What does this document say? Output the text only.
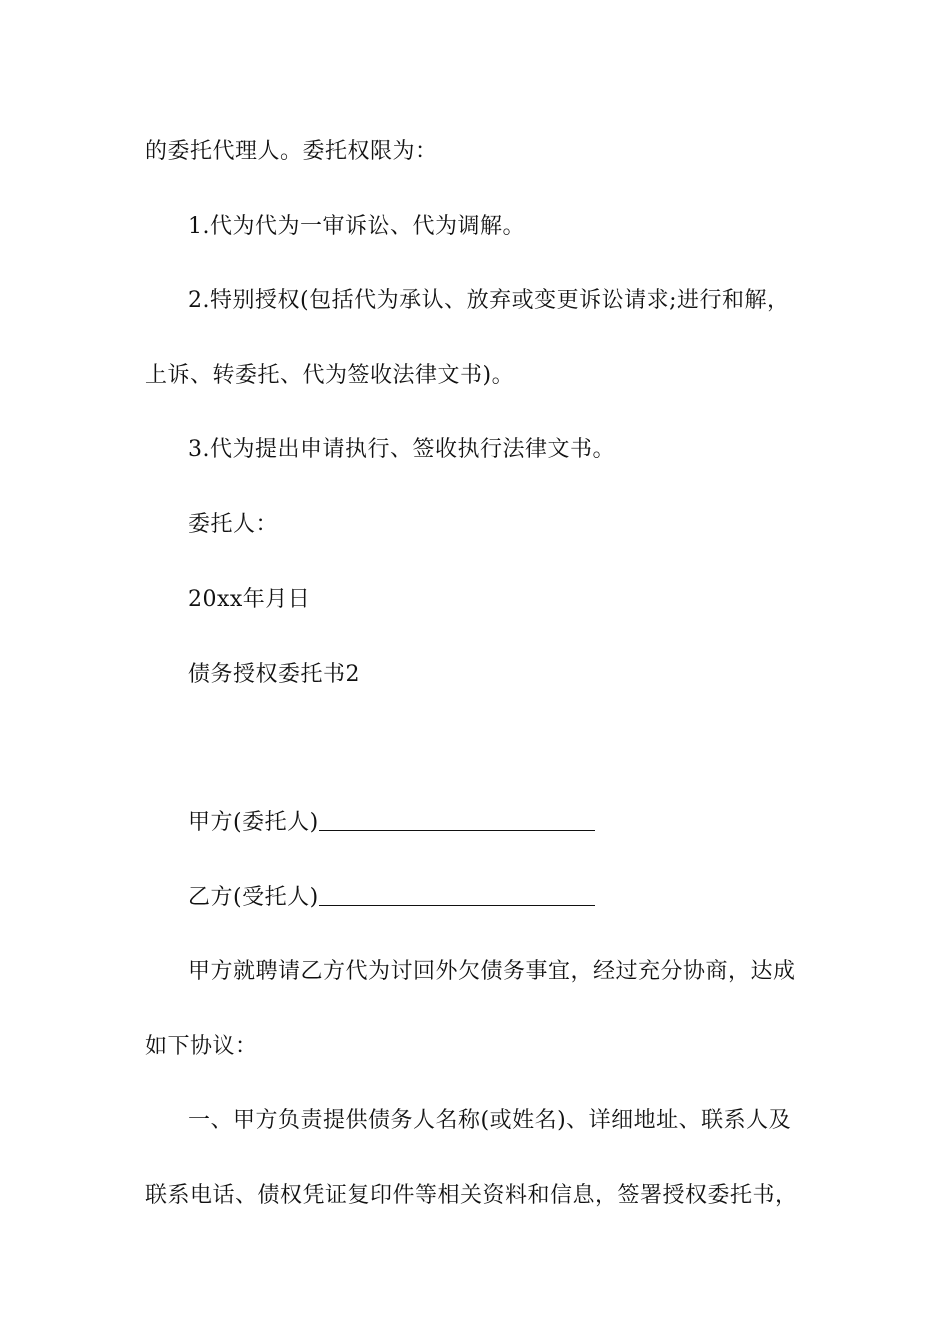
的委托代理人。委托权限为：
1.代为代为一审诉讼、代为调解。
2.特别授权(包括代为承认、放弃或变更诉讼请求;进行和解，
上诉、转委托、代为签收法律文书)。
3.代为提出申请执行、签收执行法律文书。
委托人：
20xx年月日
债务授权委托书2
甲方(委托人)
乙方(受托人)
甲方就聘请乙方代为讨回外欠债务事宜，经过充分协商，达成
如下协议：
一、甲方负责提供债务人名称(或姓名)、详细地址、联系人及
联系电话、债权凭证复印件等相关资料和信息，签署授权委托书，
